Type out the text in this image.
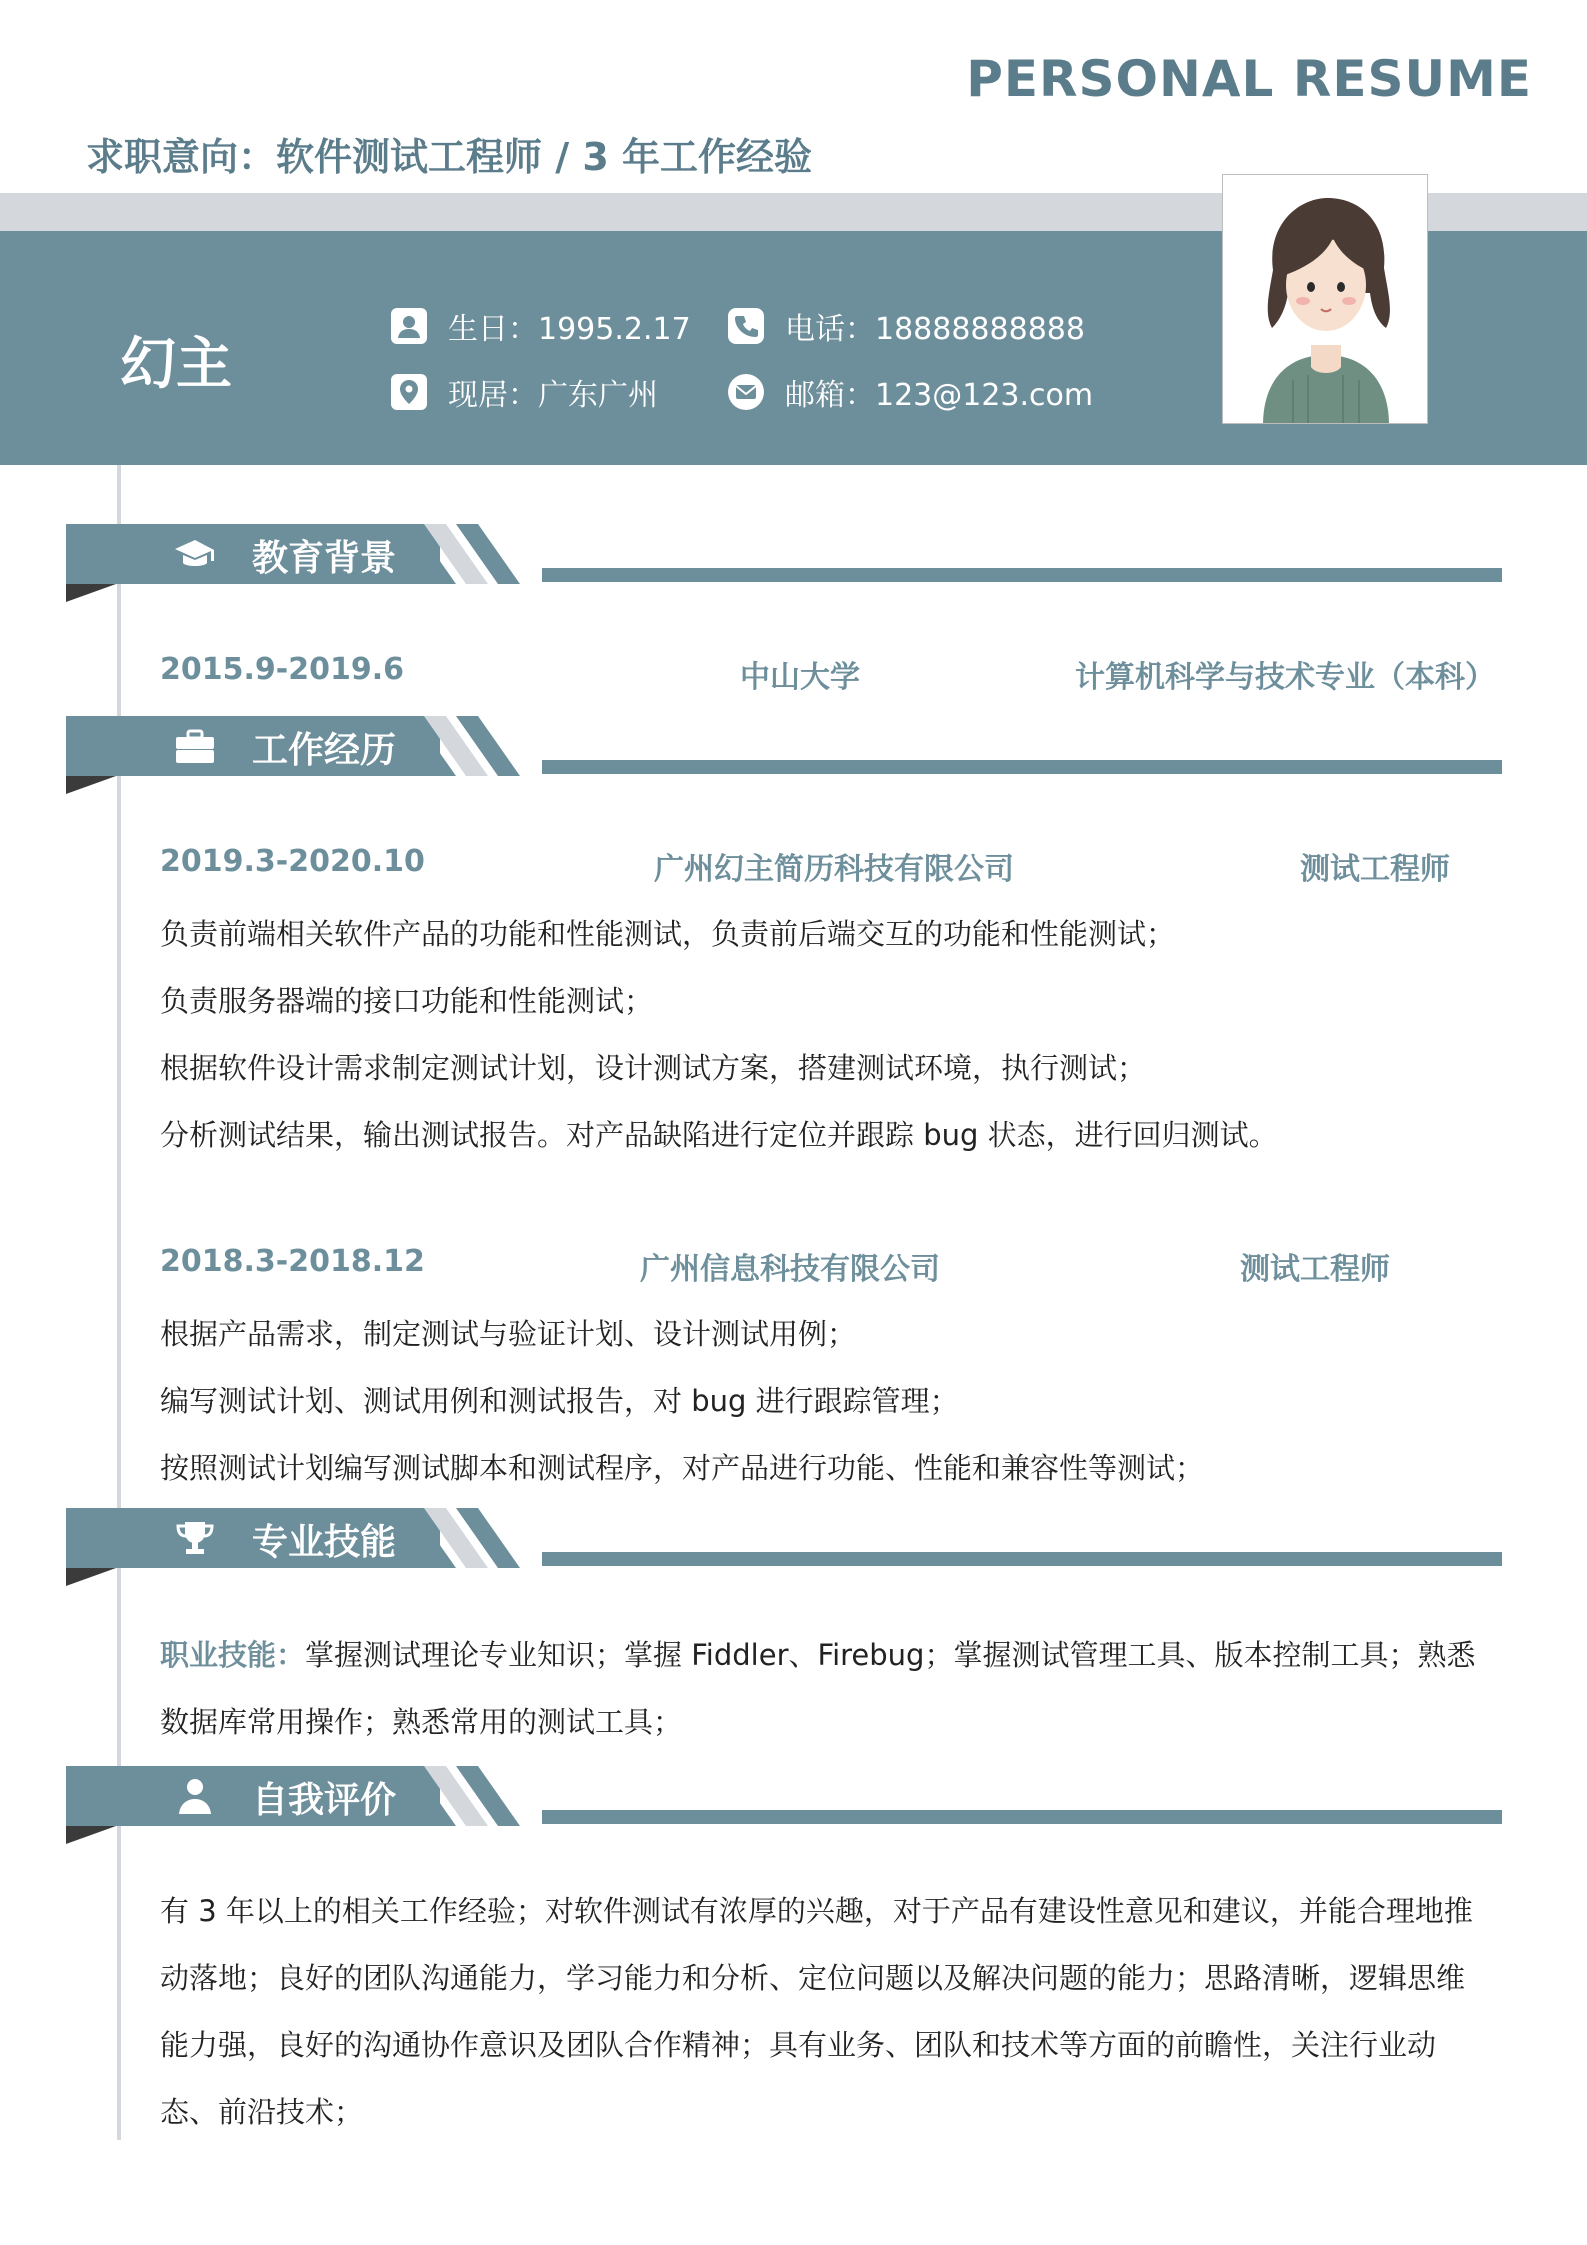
PERSONAL RESUME
求职意向：软件测试工程师 / 3 年工作经验
幻主
生日：1995.2.17
现居：广东广州
电话：18888888888
邮箱：123@123.com
教育背景
2015.9-2019.6	中山大学	计算机科学与技术专业（本科）
工作经历
2019.3-2020.10	广州幻主简历科技有限公司	测试工程师
负责前端相关软件产品的功能和性能测试，负责前后端交互的功能和性能测试；
负责服务器端的接口功能和性能测试；
根据软件设计需求制定测试计划，设计测试方案，搭建测试环境，执行测试；
分析测试结果，输出测试报告。对产品缺陷进行定位并跟踪 bug 状态，进行回归测试。
2018.3-2018.12	广州信息科技有限公司	测试工程师
根据产品需求，制定测试与验证计划、设计测试用例；
编写测试计划、测试用例和测试报告，对 bug 进行跟踪管理；
按照测试计划编写测试脚本和测试程序，对产品进行功能、性能和兼容性等测试；
专业技能
职业技能：掌握测试理论专业知识；掌握 Fiddler、Firebug；掌握测试管理工具、版本控制工具；熟悉数据库常用操作；熟悉常用的测试工具；
自我评价
有 3 年以上的相关工作经验；对软件测试有浓厚的兴趣，对于产品有建设性意见和建议，并能合理地推动落地；良好的团队沟通能力，学习能力和分析、定位问题以及解决问题的能力；思路清晰，逻辑思维能力强，良好的沟通协作意识及团队合作精神；具有业务、团队和技术等方面的前瞻性，关注行业动态、前沿技术；
